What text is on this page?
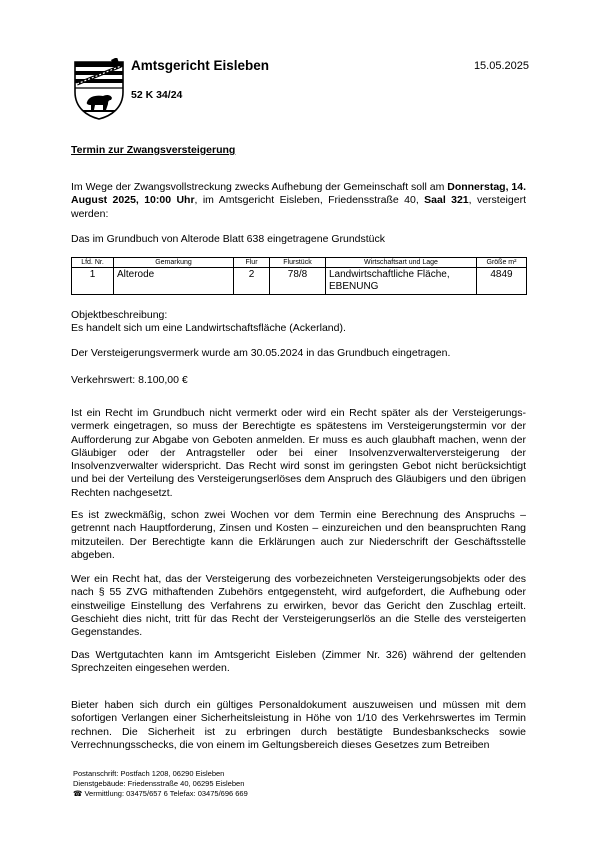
Amtsgericht Eisleben
52 K 34/24
15.05.2025
Termin zur Zwangsversteigerung
Im Wege der Zwangsvollstreckung zwecks Aufhebung der Gemeinschaft soll am Donnerstag, 14. August 2025, 10:00 Uhr, im Amtsgericht Eisleben, Friedensstraße 40, Saal 321, versteigert werden:
Das im Grundbuch von Alterode Blatt 638 eingetragene Grundstück
Lfd. Nr.	Gemarkung	Flur	Flurstück	Wirtschaftsart und Lage	Größe m²
1	Alterode	2	78/8	Landwirtschaftliche Fläche, EBENUNG	4849
Objektbeschreibung:
Es handelt sich um eine Landwirtschaftsfläche (Ackerland).
Der Versteigerungsvermerk wurde am 30.05.2024 in das Grundbuch eingetragen.
Verkehrswert: 8.100,00 €
Ist ein Recht im Grundbuch nicht vermerkt oder wird ein Recht später als der Versteigerungs-vermerk eingetragen, so muss der Berechtigte es spätestens im Versteigerungstermin vor der Aufforderung zur Abgabe von Geboten anmelden. Er muss es auch glaubhaft machen, wenn der Gläubiger oder der Antragsteller oder bei einer Insolvenzverwalterversteigerung der Insolvenzverwalter widerspricht. Das Recht wird sonst im geringsten Gebot nicht berücksichtigt und bei der Verteilung des Versteigerungserlöses dem Anspruch des Gläubigers und den übrigen Rechten nachgesetzt.
Es ist zweckmäßig, schon zwei Wochen vor dem Termin eine Berechnung des Anspruchs – getrennt nach Hauptforderung, Zinsen und Kosten – einzureichen und den beanspruchten Rang mitzuteilen. Der Berechtigte kann die Erklärungen auch zur Niederschrift der Geschäftsstelle abgeben.
Wer ein Recht hat, das der Versteigerung des vorbezeichneten Versteigerungsobjekts oder des nach § 55 ZVG mithaftenden Zubehörs entgegensteht, wird aufgefordert, die Aufhebung oder einstweilige Einstellung des Verfahrens zu erwirken, bevor das Gericht den Zuschlag erteilt. Geschieht dies nicht, tritt für das Recht der Versteigerungserlös an die Stelle des versteigerten Gegenstandes.
Das Wertgutachten kann im Amtsgericht Eisleben (Zimmer Nr. 326) während der geltenden Sprechzeiten eingesehen werden.
Bieter haben sich durch ein gültiges Personaldokument auszuweisen und müssen mit dem sofortigen Verlangen einer Sicherheitsleistung in Höhe von 1/10 des Verkehrswertes im Termin rechnen. Die Sicherheit ist zu erbringen durch bestätigte Bundesbankschecks sowie Verrechnungsschecks, die von einem im Geltungsbereich dieses Gesetzes zum Betreiben
Postanschrift: Postfach 1208, 06290 Eisleben
Dienstgebäude: Friedensstraße 40, 06295 Eisleben
☎ Vermittlung: 03475/657 6 Telefax: 03475/696 669
